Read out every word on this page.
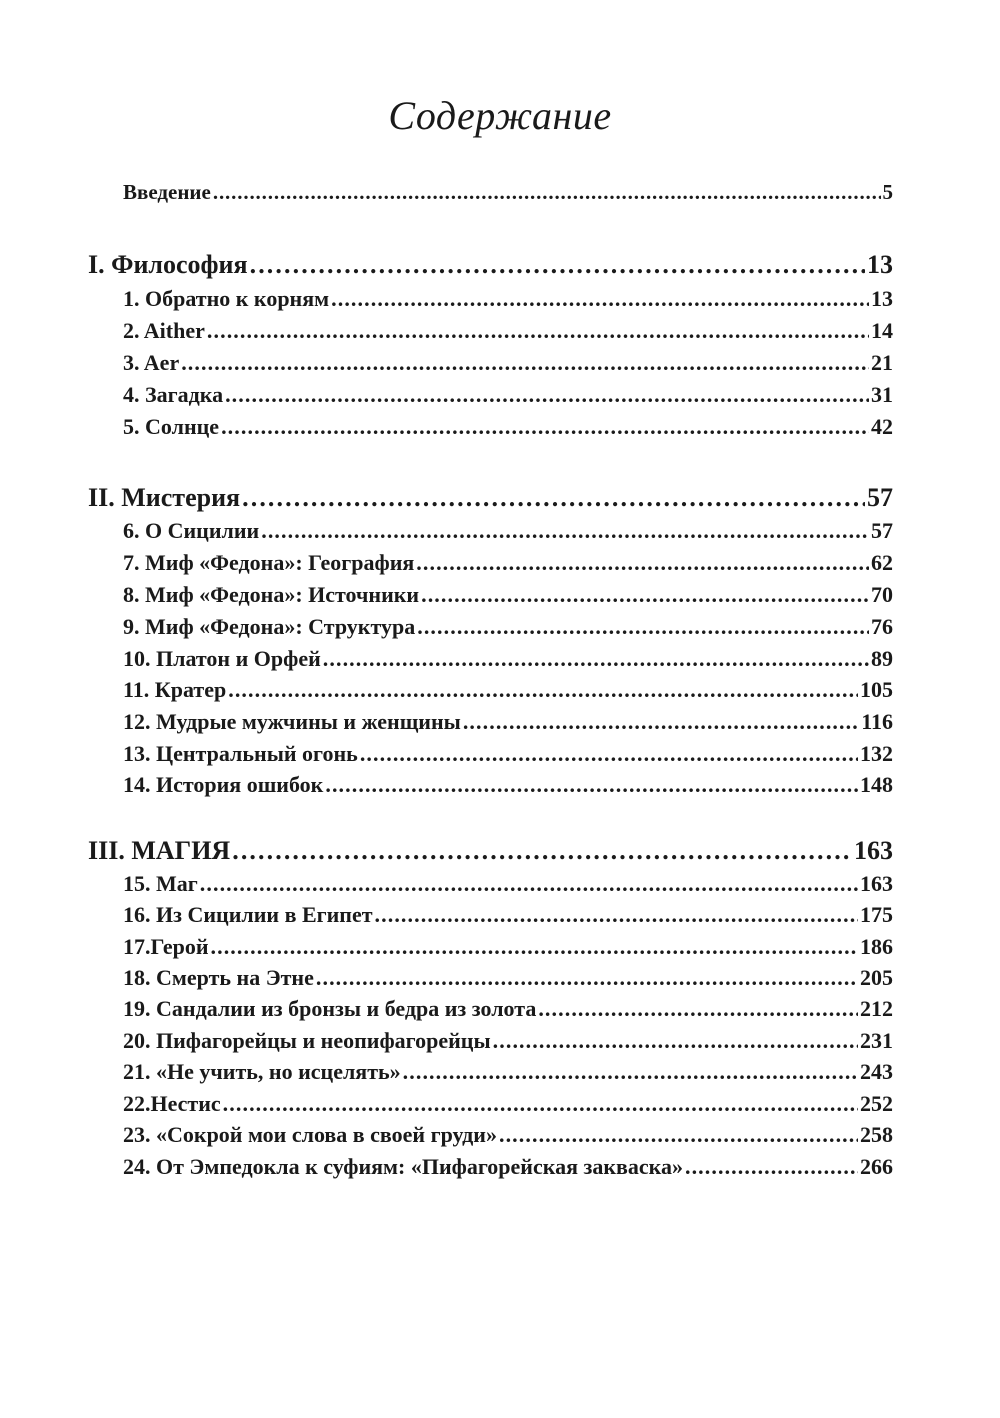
Содержание
Введение . . .	5
I. Философия . . .	13
1. Обратно к корням . . .	13
2. Aither . . .	14
3. Aer . . .	21
4. Загадка . . .	31
5. Солнце . . .	42
II. Мистерия . . .	57
6. О Сицилии . . .	57
7. Миф «Федона»: География . . .	62
8. Миф «Федона»: Источники . . .	70
9. Миф «Федона»: Структура . . .	76
10. Платон и Орфей . . .	89
11. Кратер . . .	105
12. Мудрые мужчины и женщины . . .	116
13. Центральный огонь . . .	132
14. История ошибок . . .	148
III. МАГИЯ . . .	163
15. Маг . . .	163
16. Из Сицилии в Египет . . .	175
17.Герой . . .	186
18. Смерть на Этне . . .	205
19. Сандалии из бронзы и бедра из золота . . .	212
20. Пифагорейцы и неопифагорейцы . . .	231
21. «Не учить, но исцелять» . . .	243
22.Нестис . . .	252
23. «Сокрой мои слова в своей груди» . . .	258
24. От Эмпедокла к суфиям: «Пифагорейская закваска» . . .	266
